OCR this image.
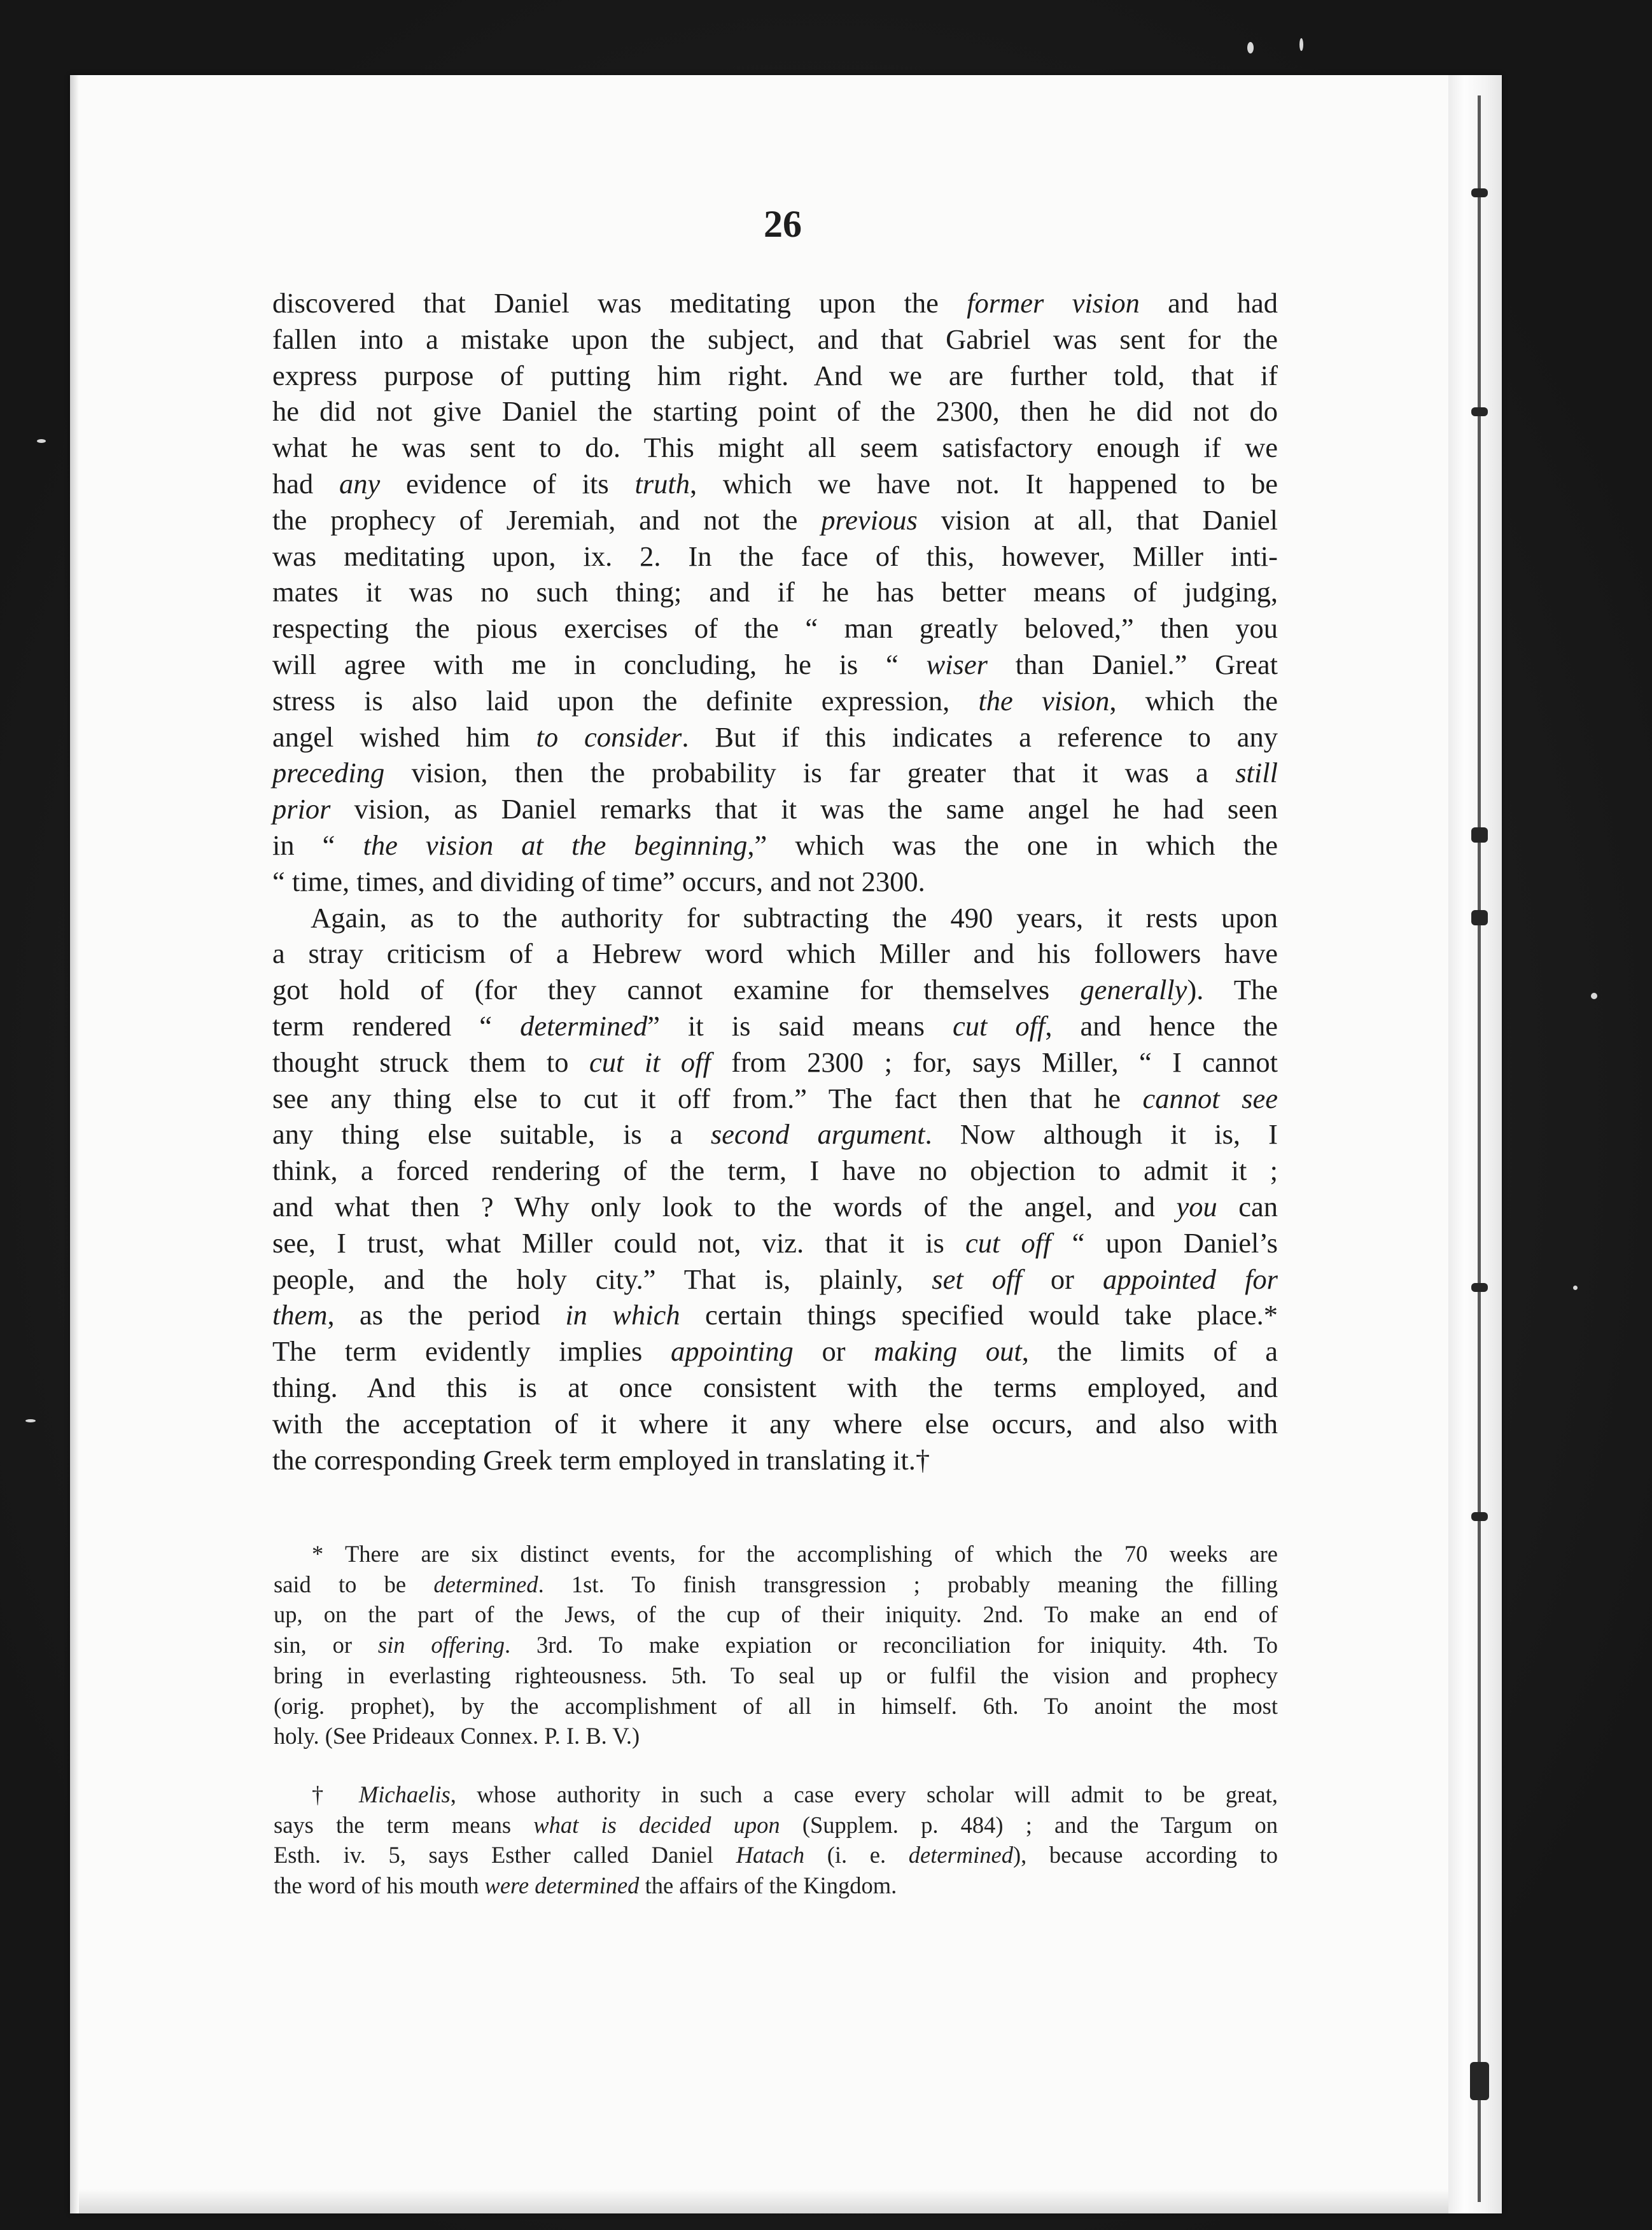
26
discovered that Daniel was meditating upon the former vision and had
fallen into a mistake upon the subject, and that Gabriel was sent for the
express purpose of putting him right. And we are further told, that if
he did not give Daniel the starting point of the 2300, then he did not do
what he was sent to do. This might all seem satisfactory enough if we
had any evidence of its truth, which we have not. It happened to be
the prophecy of Jeremiah, and not the previous vision at all, that Daniel
was meditating upon, ix. 2. In the face of this, however, Miller inti-
mates it was no such thing; and if he has better means of judging,
respecting the pious exercises of the “ man greatly beloved,” then you
will agree with me in concluding, he is “ wiser than Daniel.” Great
stress is also laid upon the definite expression, the vision, which the
angel wished him to consider. But if this indicates a reference to any
preceding vision, then the probability is far greater that it was a still
prior vision, as Daniel remarks that it was the same angel he had seen
in “ the vision at the beginning,” which was the one in which the
“ time, times, and dividing of time” occurs, and not 2300.
Again, as to the authority for subtracting the 490 years, it rests upon
a stray criticism of a Hebrew word which Miller and his followers have
got hold of (for they cannot examine for themselves generally). The
term rendered “ determined” it is said means cut off, and hence the
thought struck them to cut it off from 2300 ; for, says Miller, “ I cannot
see any thing else to cut it off from.” The fact then that he cannot see
any thing else suitable, is a second argument. Now although it is, I
think, a forced rendering of the term, I have no objection to admit it ;
and what then ? Why only look to the words of the angel, and you can
see, I trust, what Miller could not, viz. that it is cut off “ upon Daniel’s
people, and the holy city.” That is, plainly, set off or appointed for
them, as the period in which certain things specified would take place.*
The term evidently implies appointing or making out, the limits of a
thing. And this is at once consistent with the terms employed, and
with the acceptation of it where it any where else occurs, and also with
the corresponding Greek term employed in translating it.†
* There are six distinct events, for the accomplishing of which the 70 weeks are
said to be determined. 1st. To finish transgression ; probably meaning the filling
up, on the part of the Jews, of the cup of their iniquity. 2nd. To make an end of
sin, or sin offering. 3rd. To make expiation or reconciliation for iniquity. 4th. To
bring in everlasting righteousness. 5th. To seal up or fulfil the vision and prophecy
(orig. prophet), by the accomplishment of all in himself. 6th. To anoint the most
holy. (See Prideaux Connex. P. I. B. V.)
† Michaelis, whose authority in such a case every scholar will admit to be great,
says the term means what is decided upon (Supplem. p. 484) ; and the Targum on
Esth. iv. 5, says Esther called Daniel Hatach (i. e. determined), because according to
the word of his mouth were determined the affairs of the Kingdom.
